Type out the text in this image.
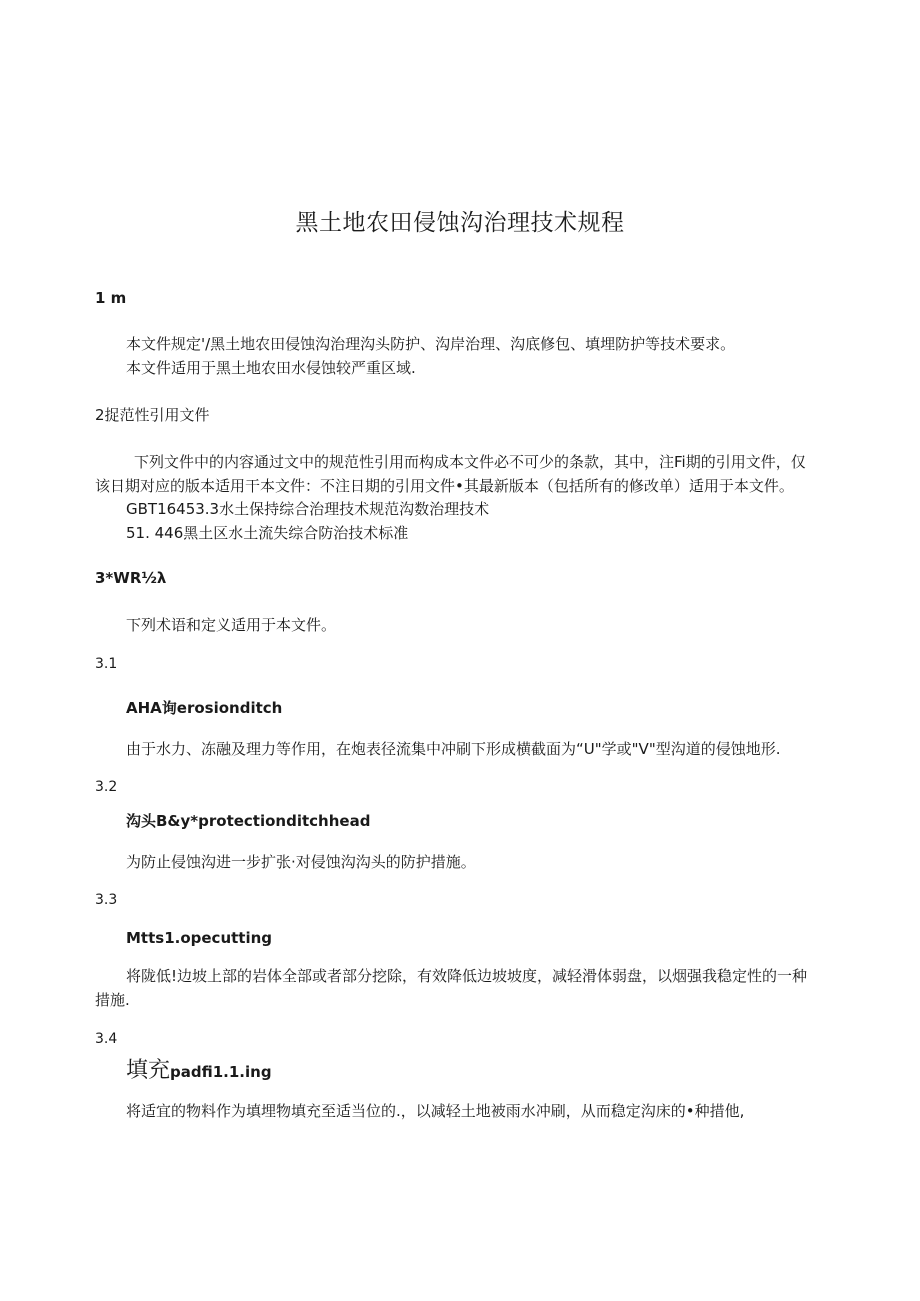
黑土地农田侵蚀沟治理技术规程
1 m
本文件规定'/黑土地农田侵蚀沟治理沟头防护、沟岸治理、沟底修包、填埋防护等技术要求。
本文件适用于黑土地农田水侵蚀较严重区域.
2捉范性引用文件
下列文件中的内容通过文中的规范性引用而构成本文件必不可少的条款，其中，注Fi期的引用文件，仅
该日期对应的版本适用干本文件：不注日期的引用文件•其最新版本（包括所有的修改单）适用于本文件。
GBT16453.3水土保持综合治理技术规范沟数治理技术
51. 446黑土区水土流失综合防治技术标准
3*WR½λ
下列术语和定义适用于本文件。
3.1
AHA询erosionditch
由于水力、冻融及理力等作用，在炮表径流集中冲刷下形成横截面为“U"学或"V"型沟道的侵蚀地形.
3.2
沟头B&y*protectionditchhead
为防止侵蚀沟进一步扩张·对侵蚀沟沟头的防护措施。
3.3
Mtts1.opecutting
将陇低!边坡上部的岩体全部或者部分挖除，有效降低边坡坡度，减轻滑体弱盘，以烟强我稳定性的一种
措施.
3.4
填充padfi1.1.ing
将适宜的物料作为填埋物填充至适当位的.，以减轻土地被雨水冲刷，从而稳定沟床的•种措他,
